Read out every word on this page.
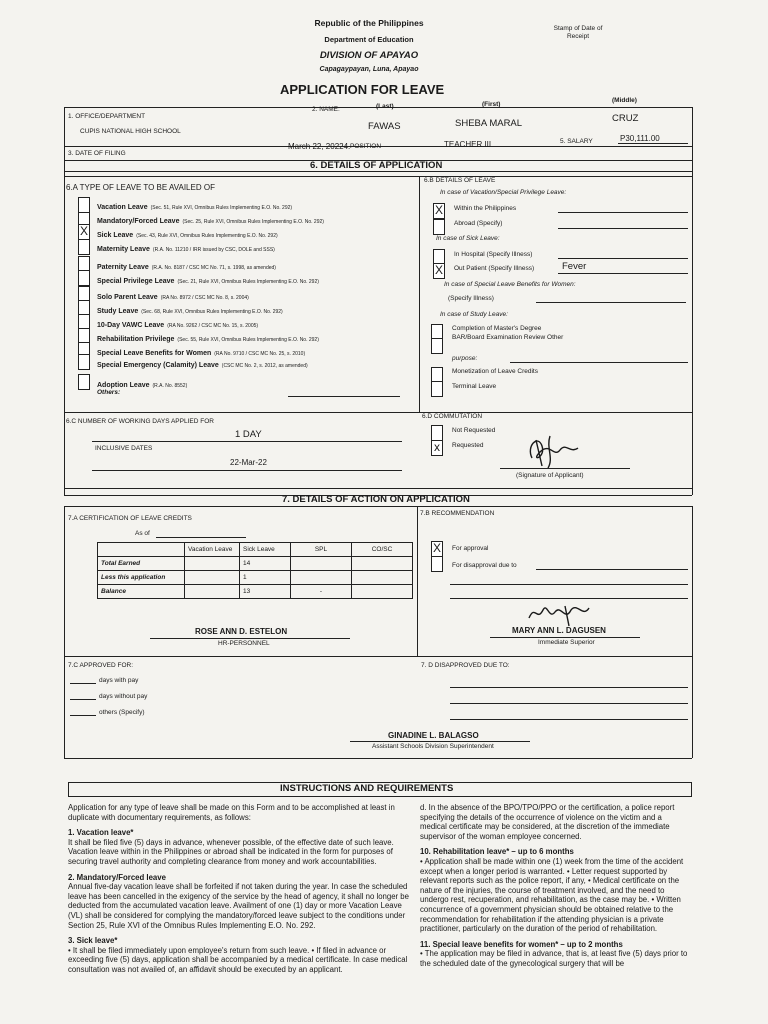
Republic of the Philippines
Department of Education
DIVISION OF APAYAO
Capagaypayan, Luna, Apayao
Stamp of Date of Receipt
APPLICATION FOR LEAVE
1. OFFICE/DEPARTMENT
CUPIS NATIONAL HIGH SCHOOL
2. NAME:	(Last)	(First)
(Middle)
FAWAS	SHEBA MARAL	CRUZ
3. DATE OF FILING
March 22, 20224. POSITION	TEACHER III	5. SALARY	P30,111.00
6. DETAILS OF APPLICATION
6.A TYPE OF LEAVE TO BE AVAILED OF
Vacation Leave (Sec. 51, Rule XVI, Omnibus Rules Implementing E.O. No. 292)
Mandatory/Forced Leave (Sec. 25, Rule XVI, Omnibus Rules Implementing E.O. No. 292)
X Sick Leave (Sec. 43, Rule XVI, Omnibus Rules Implementing E.O. No. 292)
Maternity Leave (R.A. No. 11210 / IRR issued by CSC, DOLE and SSS)
Paternity Leave (R.A. No. 8187 / CSC MC No. 71, s. 1998, as amended)
Special Privilege Leave (Sec. 21, Rule XVI, Omnibus Rules Implementing E.O. No. 292)
Solo Parent Leave (RA No. 8972 / CSC MC No. 8, s. 2004)
Study Leave (Sec. 68, Rule XVI, Omnibus Rules Implementing E.O. No. 292)
10-Day VAWC Leave (RA No. 9262 / CSC MC No. 15, s. 2005)
Rehabilitation Privilege (Sec. 55, Rule XVI, Omnibus Rules Implementing E.O. No. 292)
Special Leave Benefits for Women (RA No. 9710 / CSC MC No. 25, s. 2010)
Special Emergency (Calamity) Leave (CSC MC No. 2, s. 2012, as amended)
Adoption Leave (R.A. No. 8552)
Others:
6.B DETAILS OF LEAVE
In case of Vacation/Special Privilege Leave:
X	Within the Philippines
Abroad (Specify)
In case of Sick Leave:
In Hospital (Specify Illness)
X	Out Patient (Specify Illness)	Fever
In case of Special Leave Benefits for Women:
(Specify Illness)
In case of Study Leave:
Completion of Master's Degree
BAR/Board Examination Review Other
purpose:
Monetization of Leave Credits
Terminal Leave
6.C NUMBER OF WORKING DAYS APPLIED FOR
1 DAY
INCLUSIVE DATES
22-Mar-22
6.D COMMUTATION
Not Requested
x	Requested
(Signature of Applicant)
7. DETAILS OF ACTION ON APPLICATION
7.A CERTIFICATION OF LEAVE CREDITS
As of
	Vacation Leave	Sick Leave	SPL	CO/SC
Total Earned		14		
Less this application		1		
Balance		13	-	
ROSE ANN D. ESTELON
HR-PERSONNEL
7.B RECOMMENDATION
X	For approval
For disapproval due to
MARY ANN L. DAGUSEN
Immediate Superior
7.C APPROVED FOR:
days with pay
days without pay
others (Specify)
7. D DISAPPROVED DUE TO:
GINADINE L. BALAGSO
Assistant Schools Division Superintendent
INSTRUCTIONS AND REQUIREMENTS

Application for any type of leave shall be made on this Form and to be accomplished at least in duplicate with documentary requirements, as follows:

1. Vacation leave*

It shall be filed five (5) days in advance, whenever possible, of the effective date of such leave. Vacation leave within in the Philippines or abroad shall be indicated in the form for purposes of securing travel authority and completing clearance from money and work accountabilities.

2. Mandatory/Forced leave

Annual five-day vacation leave shall be forfeited if not taken during the year. In case the scheduled leave has been cancelled in the exigency of the service by the head of agency, it shall no longer be deducted from the accumulated vacation leave. Availment of one (1) day or more Vacation Leave (VL) shall be considered for complying the mandatory/forced leave subject to the conditions under Section 25, Rule XVI of the Omnibus Rules Implementing E.O. No. 292.

3. Sick leave*

• It shall be filed immediately upon employee's return from such leave. • If filed in advance or exceeding five (5) days, application shall be accompanied by a medical certificate. In case medical consultation was not availed of, an affidavit should be executed by an applicant.

d. In the absence of the BPO/TPO/PPO or the certification, a police report specifying the details of the occurrence of violence on the victim and a medical certificate may be considered, at the discretion of the immediate supervisor of the woman employee concerned.

10. Rehabilitation leave* – up to 6 months

• Application shall be made within one (1) week from the time of the accident except when a longer period is warranted. • Letter request supported by relevant reports such as the police report, if any, • Medical certificate on the nature of the injuries, the course of treatment involved, and the need to undergo rest, recuperation, and rehabilitation, as the case may be. • Written concurrence of a government physician should be obtained relative to the recommendation for rehabilitation if the attending physician is a private practitioner, particularly on the duration of the period of rehabilitation.

11. Special leave benefits for women* – up to 2 months

• The application may be filed in advance, that is, at least five (5) days prior to the scheduled date of the gynecological surgery that will be
